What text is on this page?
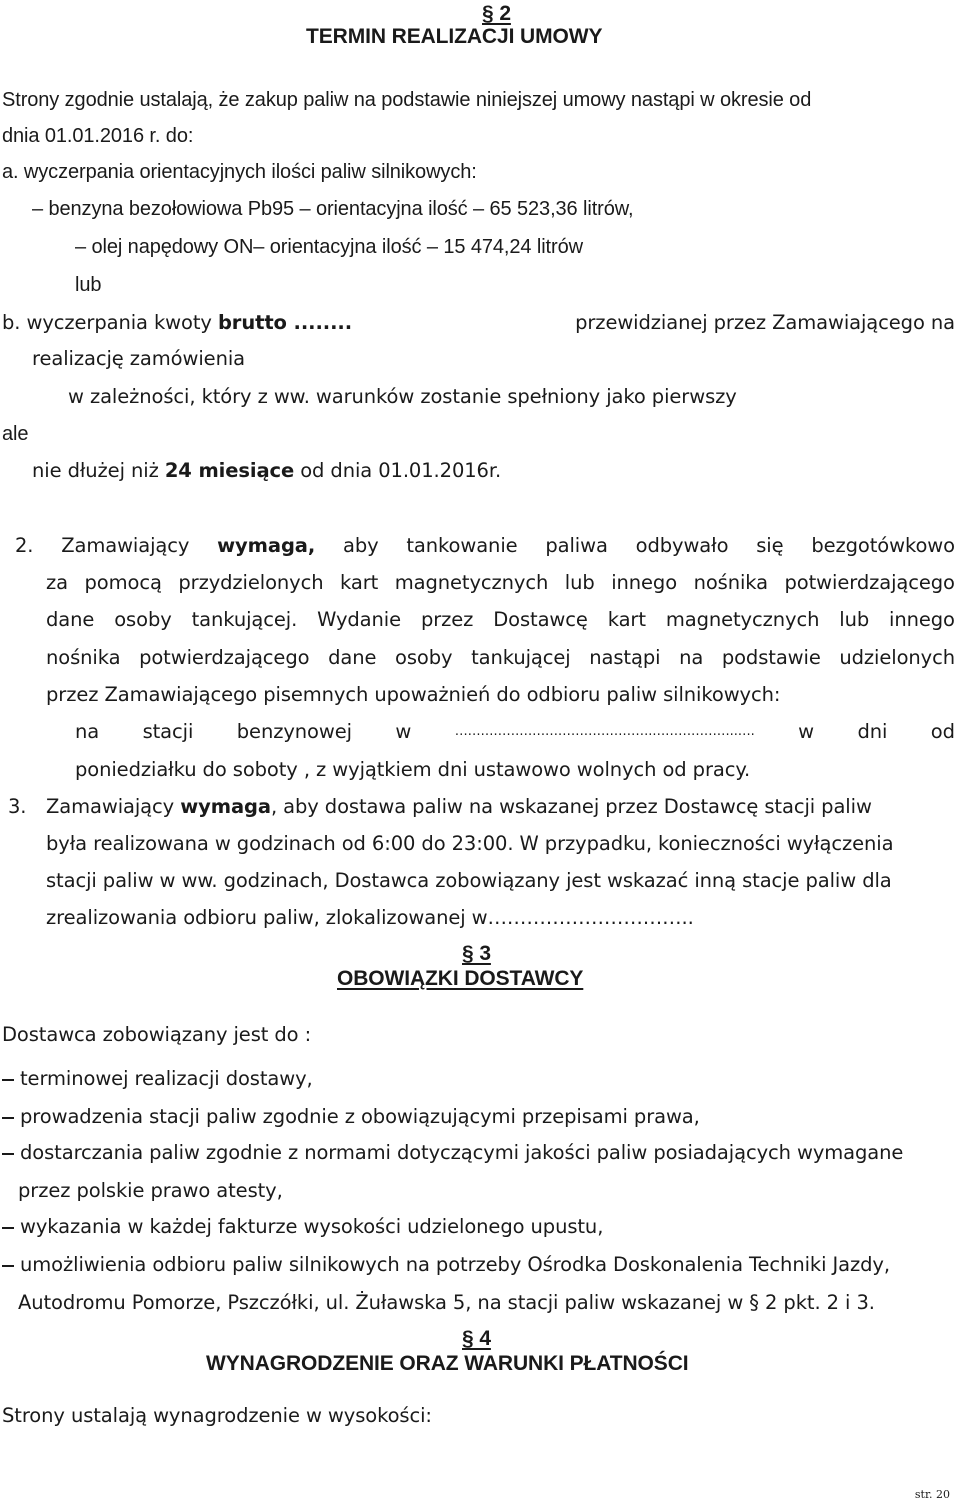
§ 2
TERMIN REALIZACJI UMOWY
Strony zgodnie ustalają, że zakup paliw na podstawie niniejszej umowy nastąpi w okresie od
dnia 01.01.2016 r. do:
a. wyczerpania orientacyjnych ilości paliw silnikowych:
– benzyna bezołowiowa Pb95 – orientacyjna ilość – 65 523,36 litrów,
– olej napędowy ON– orientacyjna ilość – 15 474,24 litrów
lub
b. wyczerpania kwoty brutto ........	przewidzianej przez Zamawiającego na
realizację zamówienia
w zależności, który z ww. warunków zostanie spełniony jako pierwszy
ale
nie dłużej niż 24 miesiące od dnia 01.01.2016r.
2. Zamawiający wymaga, aby tankowanie paliwa odbywało się bezgotówkowo
za pomocą przydzielonych kart magnetycznych lub innego nośnika potwierdzającego
dane osoby tankującej. Wydanie przez Dostawcę kart magnetycznych lub innego
nośnika potwierdzającego dane osoby tankującej nastąpi na podstawie udzielonych
przez Zamawiającego pisemnych upoważnień do odbioru paliw silnikowych:
na stacji benzynowej w	……………………………………….………………..…. w dni od
poniedziałku do soboty , z wyjątkiem dni ustawowo wolnych od pracy.
3. Zamawiający wymaga, aby dostawa paliw na wskazanej przez Dostawcę stacji paliw
była realizowana w godzinach od 6:00 do 23:00. W przypadku, konieczności wyłączenia
stacji paliw w ww. godzinach, Dostawca zobowiązany jest wskazać inną stacje paliw dla
zrealizowania odbioru paliw, zlokalizowanej w…………………………..
§ 3
OBOWIĄZKI DOSTAWCY
Dostawca zobowiązany jest do :
terminowej realizacji dostawy,
prowadzenia stacji paliw zgodnie z obowiązującymi przepisami prawa,
dostarczania paliw zgodnie z normami dotyczącymi jakości paliw posiadających wymagane
przez polskie prawo atesty,
wykazania w każdej fakturze wysokości udzielonego upustu,
umożliwienia odbioru paliw silnikowych na potrzeby Ośrodka Doskonalenia Techniki Jazdy,
Autodromu Pomorze, Pszczółki, ul. Żuławska 5, na stacji paliw wskazanej w § 2 pkt. 2 i 3.
§ 4
WYNAGRODZENIE ORAZ WARUNKI PŁATNOŚCI
Strony ustalają wynagrodzenie w wysokości:
str. 20
